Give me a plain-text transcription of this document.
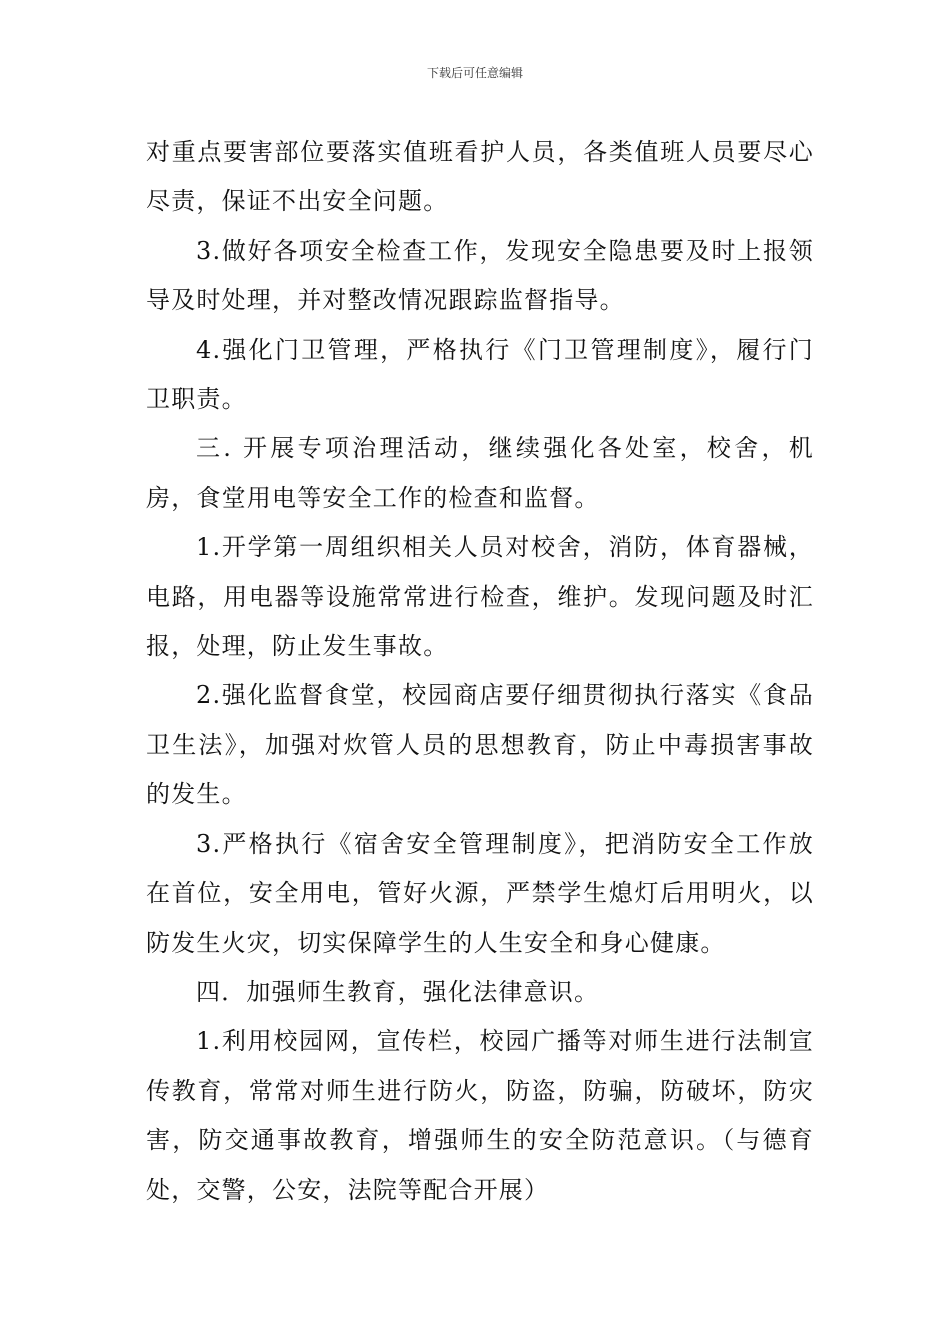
下载后可任意编辑

对重点要害部位要落实值班看护人员，各类值班人员要尽心尽责，保证不出安全问题。

3.做好各项安全检查工作，发现安全隐患要及时上报领导及时处理，并对整改情况跟踪监督指导。

4.强化门卫管理，严格执行《门卫管理制度》，履行门卫职责。

三. 开展专项治理活动，继续强化各处室，校舍，机房，食堂用电等安全工作的检查和监督。

1.开学第一周组织相关人员对校舍，消防，体育器械，电路，用电器等设施常常进行检查，维护。发现问题及时汇报，处理，防止发生事故。

2.强化监督食堂，校园商店要仔细贯彻执行落实《食品卫生法》，加强对炊管人员的思想教育，防止中毒损害事故的发生。

3.严格执行《宿舍安全管理制度》，把消防安全工作放在首位，安全用电，管好火源，严禁学生熄灯后用明火，以防发生火灾，切实保障学生的人生安全和身心健康。

四．加强师生教育，强化法律意识。

1.利用校园网，宣传栏，校园广播等对师生进行法制宣传教育，常常对师生进行防火，防盗，防骗，防破坏，防灾害，防交通事故教育，增强师生的安全防范意识。（与德育处，交警，公安，法院等配合开展）
